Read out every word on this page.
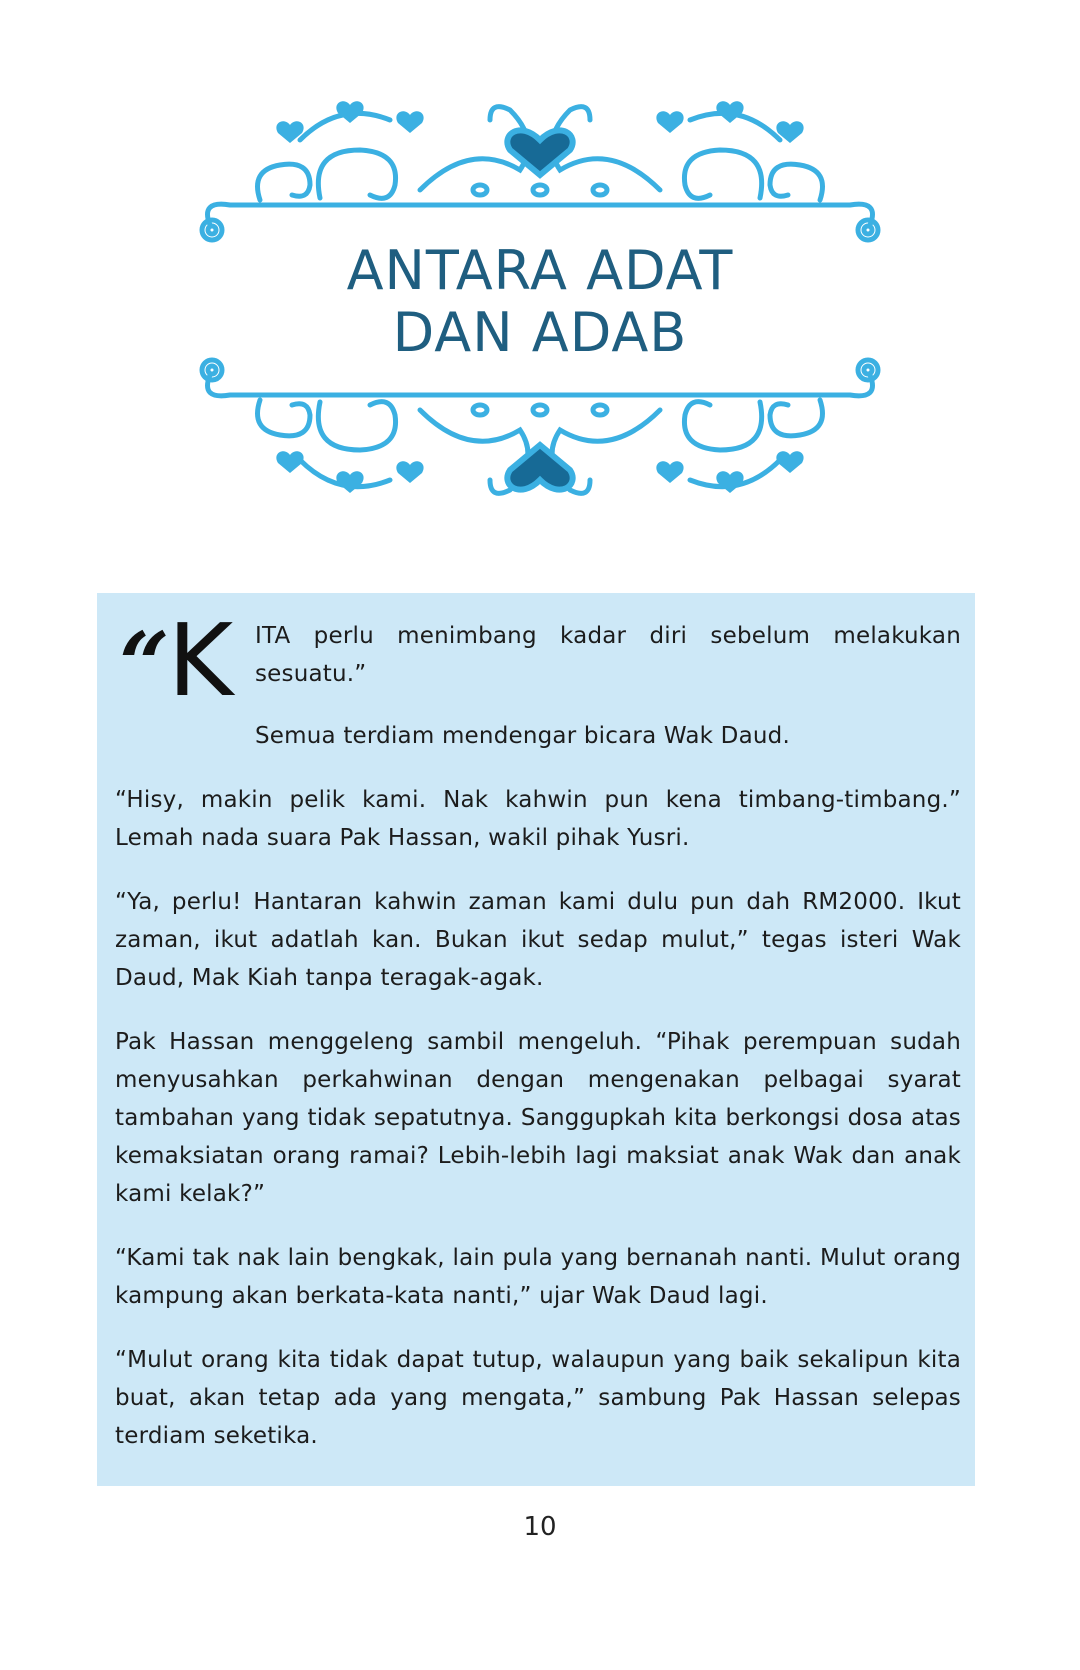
ANTARA ADAT
DAN ADAB
“K ITA perlu menimbang kadar diri sebelum melakukan sesuatu.”

Semua terdiam mendengar bicara Wak Daud.

“Hisy, makin pelik kami. Nak kahwin pun kena timbang-timbang.” Lemah nada suara Pak Hassan, wakil pihak Yusri.

“Ya, perlu! Hantaran kahwin zaman kami dulu pun dah RM2000. Ikut zaman, ikut adatlah kan. Bukan ikut sedap mulut,” tegas isteri Wak Daud, Mak Kiah tanpa teragak-agak.

Pak Hassan menggeleng sambil mengeluh. “Pihak perempuan sudah menyusahkan perkahwinan dengan mengenakan pelbagai syarat tambahan yang tidak sepatutnya. Sanggupkah kita berkongsi dosa atas kemaksiatan orang ramai? Lebih-lebih lagi maksiat anak Wak dan anak kami kelak?”

“Kami tak nak lain bengkak, lain pula yang bernanah nanti. Mulut orang kampung akan berkata-kata nanti,” ujar Wak Daud lagi.

“Mulut orang kita tidak dapat tutup, walaupun yang baik sekalipun kita buat, akan tetap ada yang mengata,” sambung Pak Hassan selepas terdiam seketika.

10
